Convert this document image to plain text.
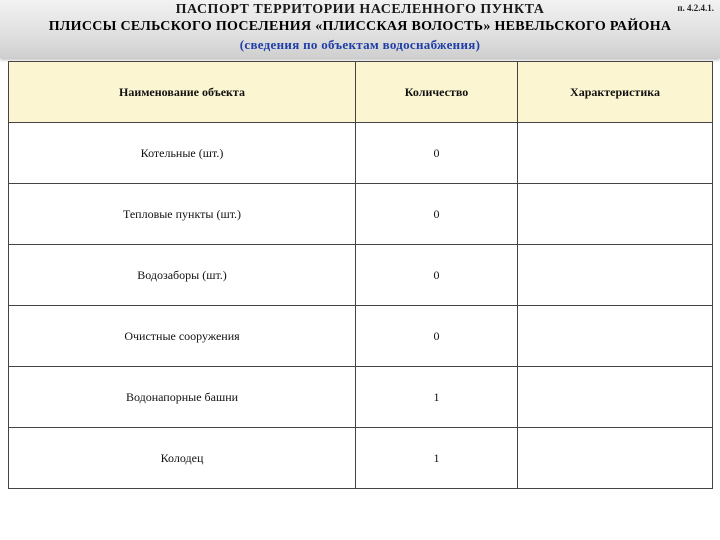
ПАСПОРТ ТЕРРИТОРИИ НАСЕЛЕННОГО ПУНКТА
ПЛИССЫ СЕЛЬСКОГО ПОСЕЛЕНИЯ «ПЛИССКАЯ ВОЛОСТЬ» НЕВЕЛЬСКОГО РАЙОНА
(сведения по объектам водоснабжения)
п. 4.2.4.1.
Наименование объекта	Количество	Характеристика
Котельные (шт.)	0	
Тепловые пункты (шт.)	0	
Водозаборы (шт.)	0	
Очистные сооружения	0	
Водонапорные башни	1	
Колодец	1	
